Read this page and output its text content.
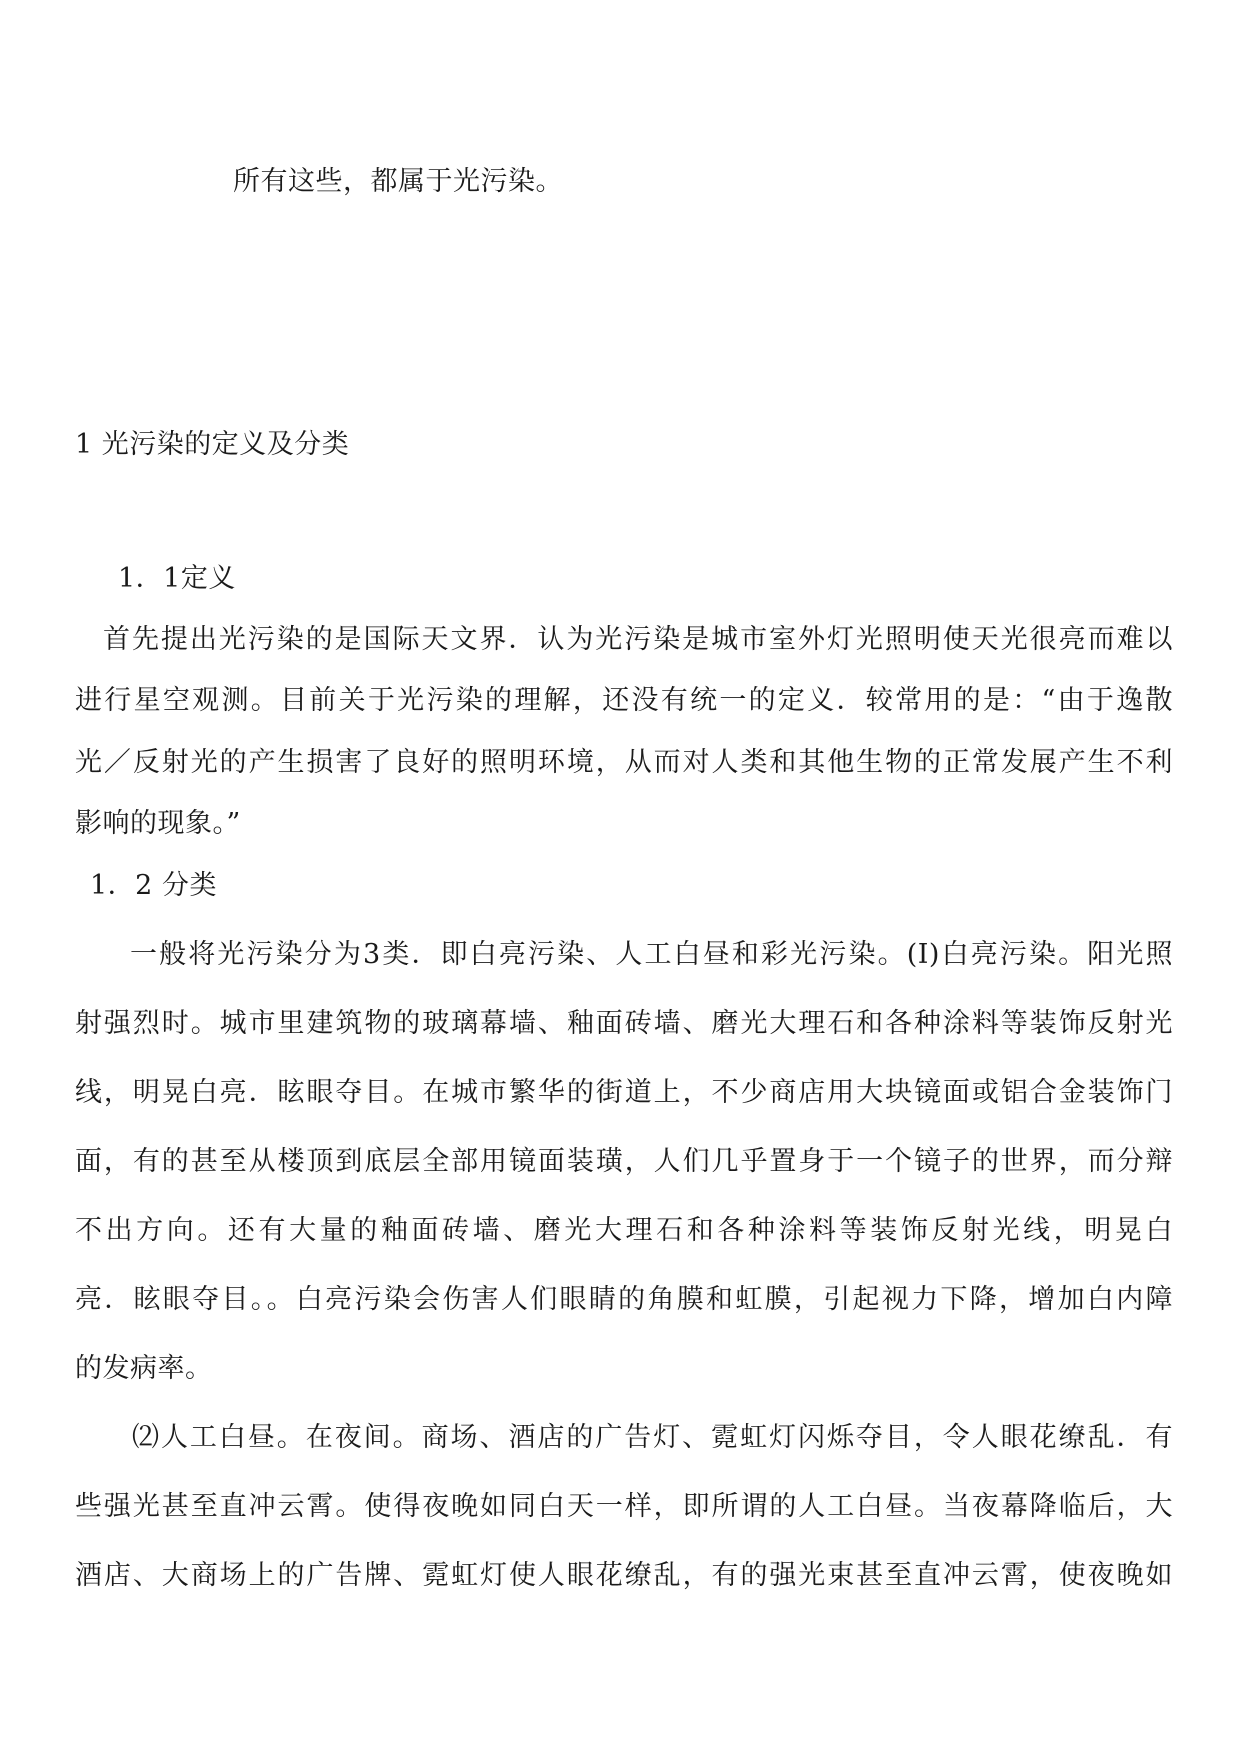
所有这些，都属于光污染。
1 光污染的定义及分类
1．1定义
首先提出光污染的是国际天文界．认为光污染是城市室外灯光照明使天光很亮而难以
进行星空观测。目前关于光污染的理解，还没有统一的定义．较常用的是：“由于逸散
光／反射光的产生损害了良好的照明环境，从而对人类和其他生物的正常发展产生不利
影响的现象。”
1．2 分类
一般将光污染分为3类．即白亮污染、人工白昼和彩光污染。(I)白亮污染。阳光照
射强烈时。城市里建筑物的玻璃幕墙、釉面砖墙、磨光大理石和各种涂料等装饰反射光
线，明晃白亮．眩眼夺目。在城市繁华的街道上，不少商店用大块镜面或铝合金装饰门
面，有的甚至从楼顶到底层全部用镜面装璜，人们几乎置身于一个镜子的世界，而分辩
不出方向。还有大量的釉面砖墙、磨光大理石和各种涂料等装饰反射光线，明晃白
亮．眩眼夺目。。白亮污染会伤害人们眼睛的角膜和虹膜，引起视力下降，增加白内障
的发病率。
⑵人工白昼。在夜间。商场、酒店的广告灯、霓虹灯闪烁夺目，令人眼花缭乱．有
些强光甚至直冲云霄。使得夜晚如同白天一样，即所谓的人工白昼。当夜幕降临后，大
酒店、大商场上的广告牌、霓虹灯使人眼花缭乱，有的强光束甚至直冲云霄，使夜晚如
